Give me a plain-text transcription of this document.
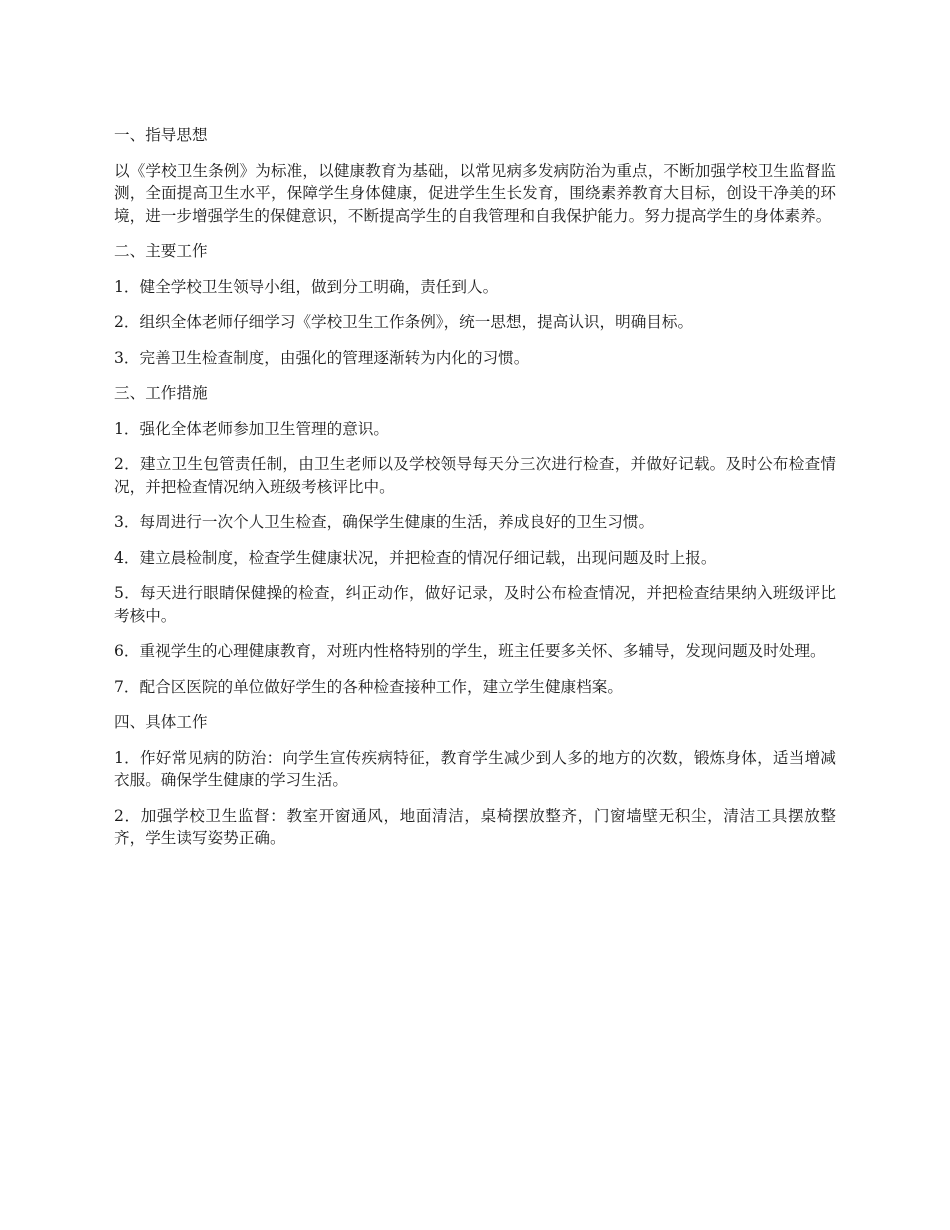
一、指导思想

以《学校卫生条例》为标准，以健康教育为基础，以常见病多发病防治为重点，不断加强学校卫生监督监测，全面提高卫生水平，保障学生身体健康，促进学生生长发育，围绕素养教育大目标，创设干净美的环境，进一步增强学生的保健意识，不断提高学生的自我管理和自我保护能力。努力提高学生的身体素养。

二、主要工作

1．健全学校卫生领导小组，做到分工明确，责任到人。

2．组织全体老师仔细学习《学校卫生工作条例》，统一思想，提高认识，明确目标。

3．完善卫生检查制度，由强化的管理逐渐转为内化的习惯。

三、工作措施

1．强化全体老师参加卫生管理的意识。

2．建立卫生包管责任制，由卫生老师以及学校领导每天分三次进行检查，并做好记载。及时公布检查情况，并把检查情况纳入班级考核评比中。

3．每周进行一次个人卫生检查，确保学生健康的生活，养成良好的卫生习惯。

4．建立晨检制度，检查学生健康状况，并把检查的情况仔细记载，出现问题及时上报。

5．每天进行眼睛保健操的检查，纠正动作，做好记录，及时公布检查情况，并把检查结果纳入班级评比考核中。

6．重视学生的心理健康教育，对班内性格特别的学生，班主任要多关怀、多辅导，发现问题及时处理。

7．配合区医院的单位做好学生的各种检查接种工作，建立学生健康档案。

四、具体工作

1．作好常见病的防治：向学生宣传疾病特征，教育学生减少到人多的地方的次数，锻炼身体，适当增减衣服。确保学生健康的学习生活。

2．加强学校卫生监督：教室开窗通风，地面清洁，桌椅摆放整齐，门窗墙壁无积尘，清洁工具摆放整齐，学生读写姿势正确。
